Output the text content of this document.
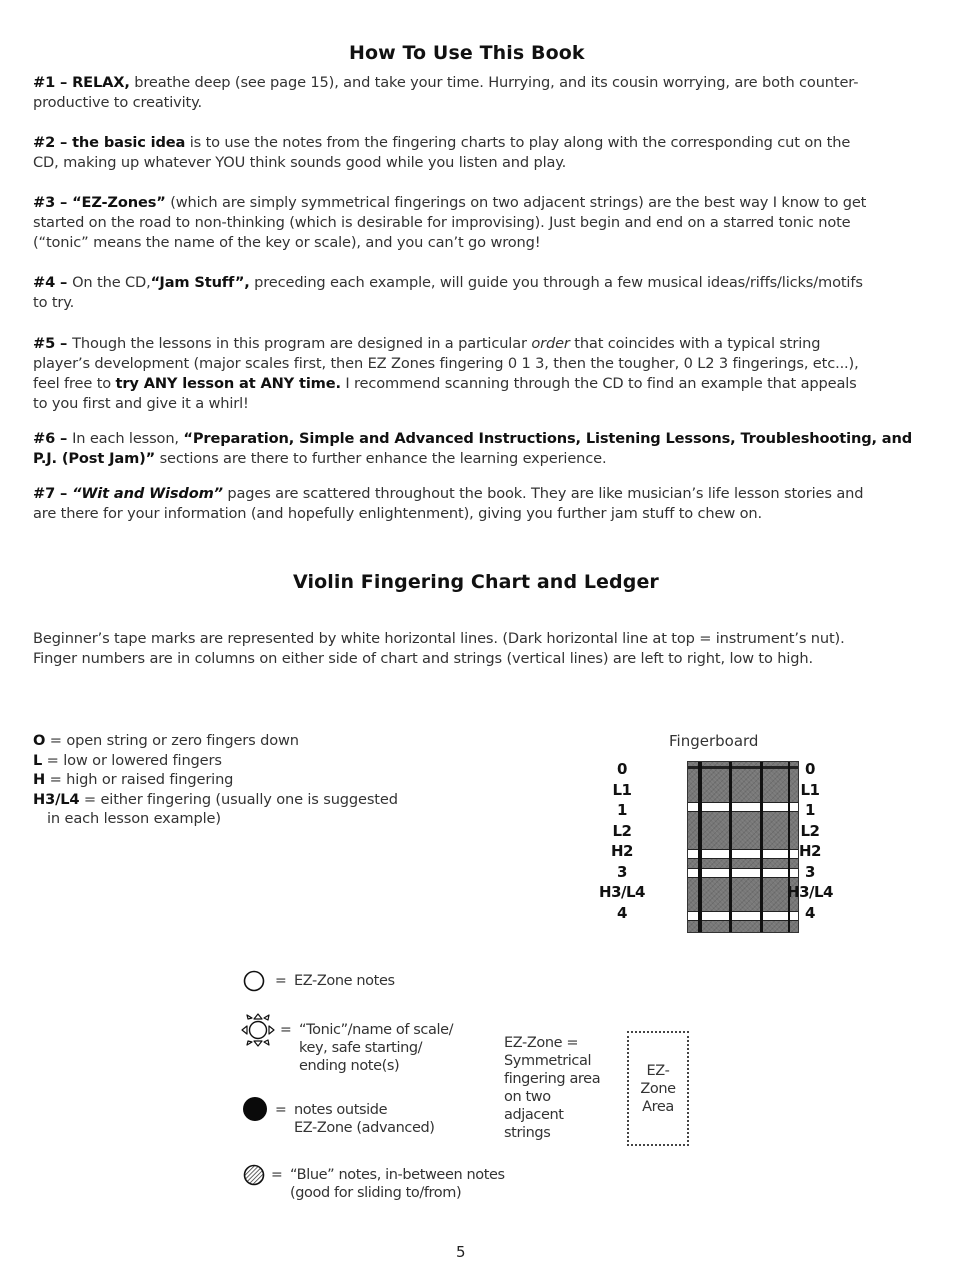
How To Use This Book
#1 – RELAX, breathe deep (see page 15), and take your time. Hurrying, and its cousin worrying, are both counter-
productive to creativity.
#2 – the basic idea is to use the notes from the fingering charts to play along with the corresponding cut on the
CD, making up whatever YOU think sounds good while you listen and play.
#3 – “EZ-Zones” (which are simply symmetrical fingerings on two adjacent strings) are the best way I know to get
started on the road to non-thinking (which is desirable for improvising). Just begin and end on a starred tonic note
(“tonic” means the name of the key or scale), and you can’t go wrong!
#4 – On the CD,“Jam Stuff”, preceding each example, will guide you through a few musical ideas/riffs/licks/motifs
to try.
#5 – Though the lessons in this program are designed in a particular order that coincides with a typical string
player’s development (major scales first, then EZ Zones fingering 0 1 3, then the tougher, 0 L2 3 fingerings, etc...),
feel free to try ANY lesson at ANY time. I recommend scanning through the CD to find an example that appeals
to you first and give it a whirl!
#6 – In each lesson, “Preparation, Simple and Advanced Instructions, Listening Lessons, Troubleshooting, and
P.J. (Post Jam)” sections are there to further enhance the learning experience.
#7 – “Wit and Wisdom” pages are scattered throughout the book. They are like musician’s life lesson stories and
are there for your information (and hopefully enlightenment), giving you further jam stuff to chew on.
Violin Fingering Chart and Ledger
Beginner’s tape marks are represented by white horizontal lines. (Dark horizontal line at top = instrument’s nut).
Finger numbers are in columns on either side of chart and strings (vertical lines) are left to right, low to high.
O = open string or zero fingers down
L = low or lowered fingers
H = high or raised fingering
H3/L4 = either fingering (usually one is suggested
in each lesson example)
Fingerboard
0
L1
1
L2
H2
3
H3/L4
4
0
L1
1
L2
H2
3
H3/L4
4
= EZ-Zone notes
= “Tonic”/name of scale/
key, safe starting/
ending note(s)
= notes outside
EZ-Zone (advanced)
= “Blue” notes, in-between notes
(good for sliding to/from)
EZ-Zone =
Symmetrical
fingering area
on two
adjacent
strings
EZ-
Zone
Area
5
